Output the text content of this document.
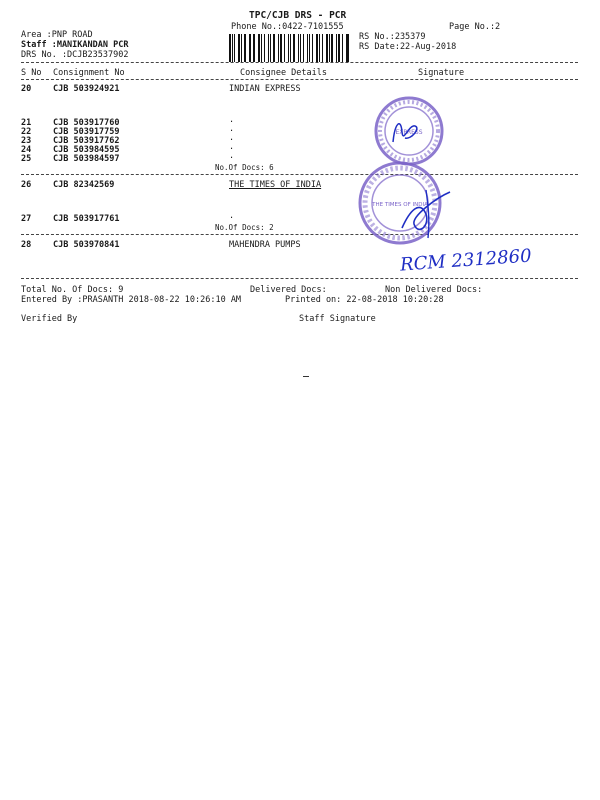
TPC/CJB DRS - PCR
Phone No.:0422-7101555	Page No.:2
Area :PNP ROAD
Staff :MANIKANDAN PCR
DRS No. :DCJB23537902
RS No.:235379
RS Date:22-Aug-2018
S No Consignment No	Consignee Details	Signature
20	CJB 503924921	INDIAN EXPRESS
21	CJB 503917760	.
22	CJB 503917759	.
23	CJB 503917762	.
24	CJB 503984595	.
25	CJB 503984597	.
No.Of Docs: 6
26	CJB 82342569	THE TIMES OF INDIA
27	CJB 503917761	.
No.Of Docs: 2
28	CJB 503970841	MAHENDRA PUMPS
EXPRESS
THE TIMES OF INDIA
RCM 2312860
Total No. Of Docs: 9	Delivered Docs:	Non Delivered Docs:
Entered By :PRASANTH 2018-08-22 10:26:10 AM	Printed on: 22-08-2018 10:20:28
Verified By	Staff Signature
